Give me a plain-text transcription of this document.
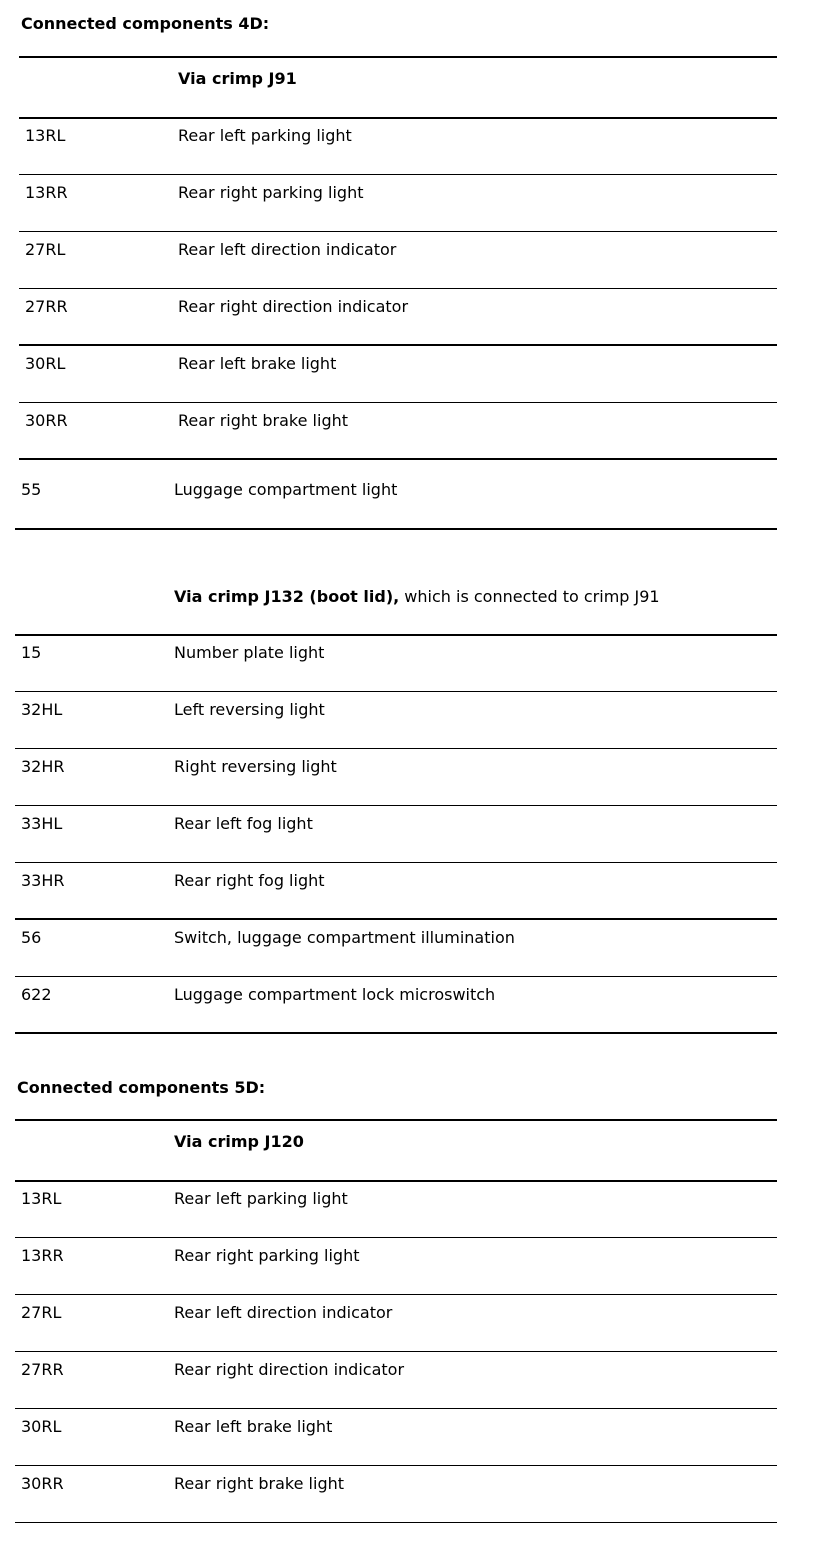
Connected components 4D:
Via crimp J91
13RL	Rear left parking light
13RR	Rear right parking light
27RL	Rear left direction indicator
27RR	Rear right direction indicator
30RL	Rear left brake light
30RR	Rear right brake light
55	Luggage compartment light
Via crimp J132 (boot lid), which is connected to crimp J91
15	Number plate light
32HL	Left reversing light
32HR	Right reversing light
33HL	Rear left fog light
33HR	Rear right fog light
56	Switch, luggage compartment illumination
622	Luggage compartment lock microswitch
Connected components 5D:
Via crimp J120
13RL	Rear left parking light
13RR	Rear right parking light
27RL	Rear left direction indicator
27RR	Rear right direction indicator
30RL	Rear left brake light
30RR	Rear right brake light
